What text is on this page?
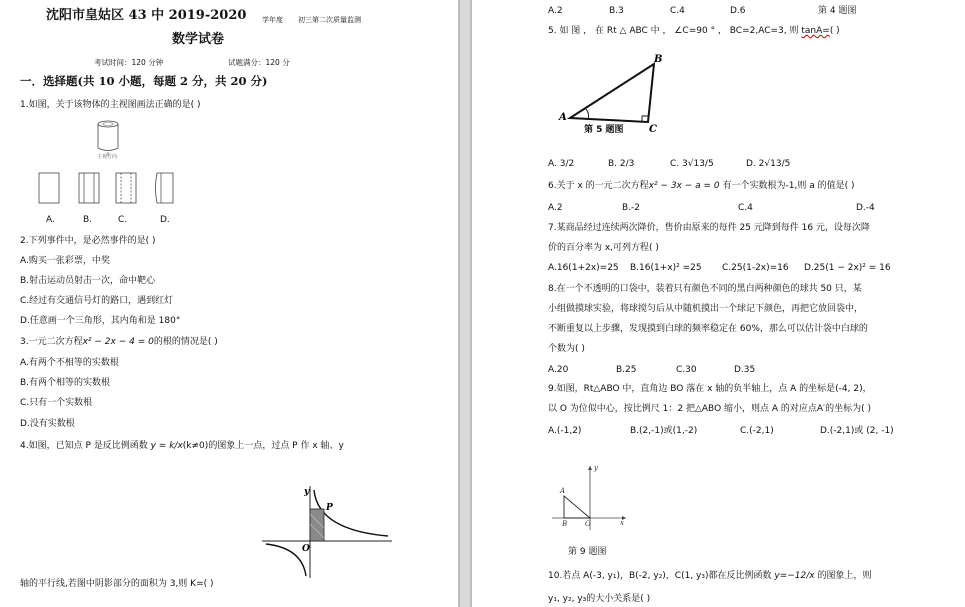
沈阳市皇姑区 43 中 2019-2020 学年度 初三第二次质量监测
数学试卷
考试时间：120 分钟	试题满分：120 分
一．选择题(共 10 小题，每题 2 分，共 20 分)
1.如图，关于该物体的主视图画法正确的是( )
主视方向
A.	B.	C.	D.
2.下列事件中，是必然事件的是( )
A.购买一张彩票，中奖
B.射击运动员射击一次，命中靶心
C.经过有交通信号灯的路口，遇到红灯
D.任意画一个三角形，其内角和是 180°
3.一元二次方程x² − 2x − 4 = 0的根的情况是( )
A.有两个不相等的实数根
B.有两个相等的实数根
C.只有一个实数根
D.没有实数根
4.如图，已知点 P 是反比例函数 y = k/x(k≠0)的图象上一点，过点 P 作 x 轴、y
y
P
O
轴的平行线,若图中阴影部分的面积为 3,则 K=( )
A.2	B.3	C.4	D.6	第 4 题图
5. 如 图 ， 在 Rt △ ABC 中 ， ∠C=90 ° ， BC=2,AC=3, 则 tanA=( )
A
B
C
第 5 题图
A. 3/2	B. 2/3	C. 3√13/5	D. 2√13/5
6.关于 x 的一元二次方程x² − 3x − a = 0 有一个实数根为-1,则 a 的值是( )
A.2	B.-2	C.4	D.-4
7.某商品经过连续两次降价，售价由原来的每件 25 元降到每件 16 元，设每次降
价的百分率为 x,可列方程( )
A.16(1+2x)=25 B.16(1+x)² =25 C.25(1-2x)=16 D.25(1 − 2x)² = 16
8.在一个不透明的口袋中，装着只有颜色不同的黑白两种颜色的球共 50 只，某
小组做摸球实验，将球搅匀后从中随机摸出一个球记下颜色，再把它放回袋中，
不断重复以上步骤，发现摸到白球的频率稳定在 60%，那么可以估计袋中白球的
个数为( )
A.20	B.25	C.30	D.35
9.如图，Rt△ABO 中，直角边 BO 落在 x 轴的负半轴上，点 A 的坐标是(-4, 2)，
以 O 为位似中心，按比例尺 1：2 把△ABO 缩小，则点 A 的对应点A′的坐标为( )
A.(-1,2)	B.(2,-1)或(1,-2)	C.(-2,1)	D.(-2,1)或 (2, -1)
y
A
B	O	x
第 9 题图
10.若点 A(-3, y₁)，B(-2, y₂)，C(1, y₃)都在反比例函数 y=−12/x 的图象上，则
y₁, y₂, y₃的大小关系是( )
